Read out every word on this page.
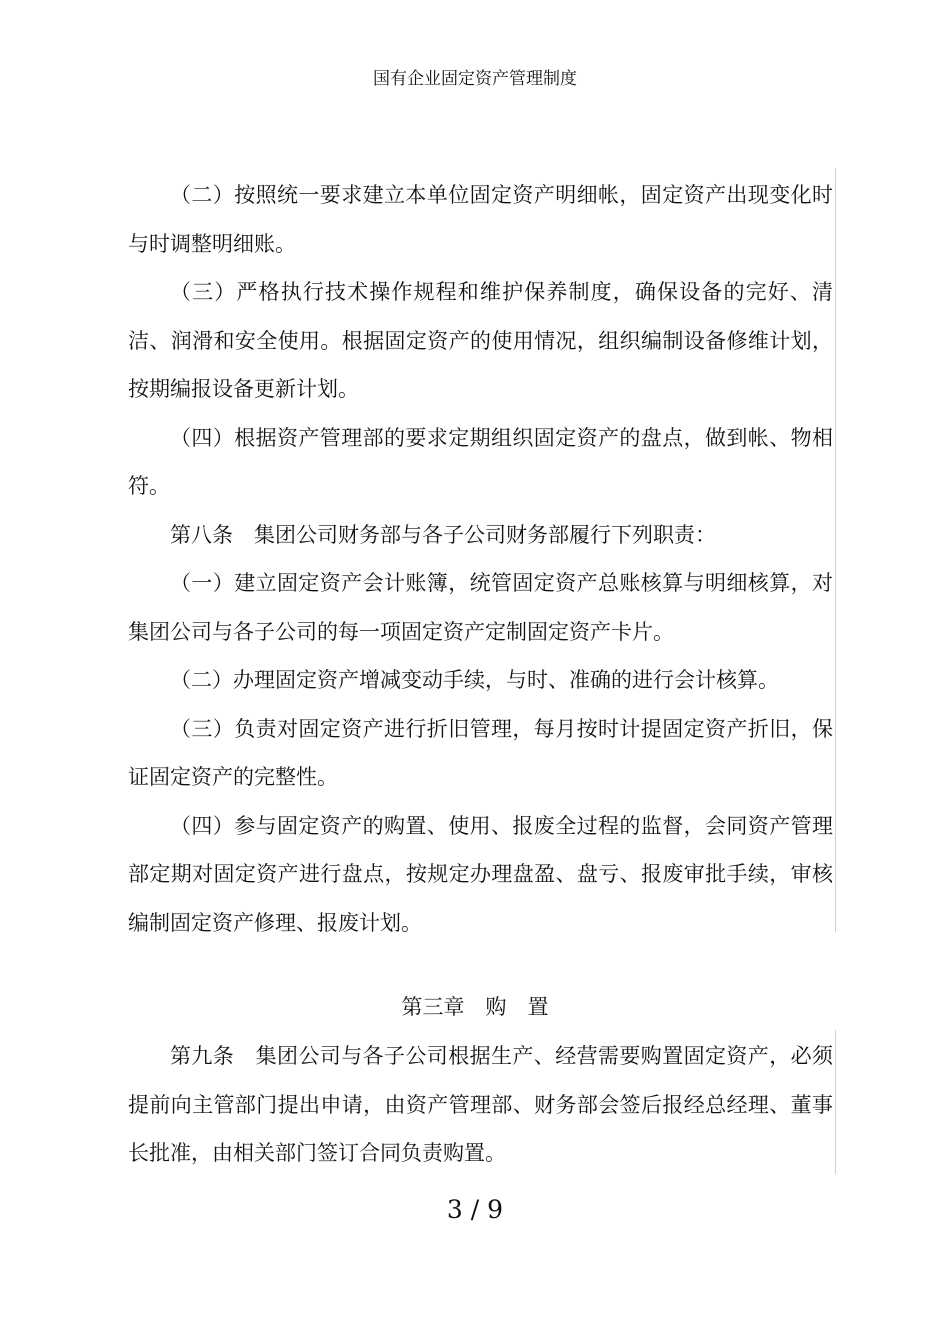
国有企业固定资产管理制度

（二）按照统一要求建立本单位固定资产明细帐，固定资产出现变化时与时调整明细账。

（三）严格执行技术操作规程和维护保养制度，确保设备的完好、清洁、润滑和安全使用。根据固定资产的使用情况，组织编制设备修维计划，按期编报设备更新计划。

（四）根据资产管理部的要求定期组织固定资产的盘点，做到帐、物相符。

第八条　集团公司财务部与各子公司财务部履行下列职责：

（一）建立固定资产会计账簿，统管固定资产总账核算与明细核算，对集团公司与各子公司的每一项固定资产定制固定资产卡片。

（二）办理固定资产增减变动手续，与时、准确的进行会计核算。

（三）负责对固定资产进行折旧管理，每月按时计提固定资产折旧，保证固定资产的完整性。

（四）参与固定资产的购置、使用、报废全过程的监督，会同资产管理部定期对固定资产进行盘点，按规定办理盘盈、盘亏、报废审批手续，审核编制固定资产修理、报废计划。

第三章　购　置

第九条　集团公司与各子公司根据生产、经营需要购置固定资产，必须提前向主管部门提出申请，由资产管理部、财务部会签后报经总经理、董事长批准，由相关部门签订合同负责购置。

3 / 9
